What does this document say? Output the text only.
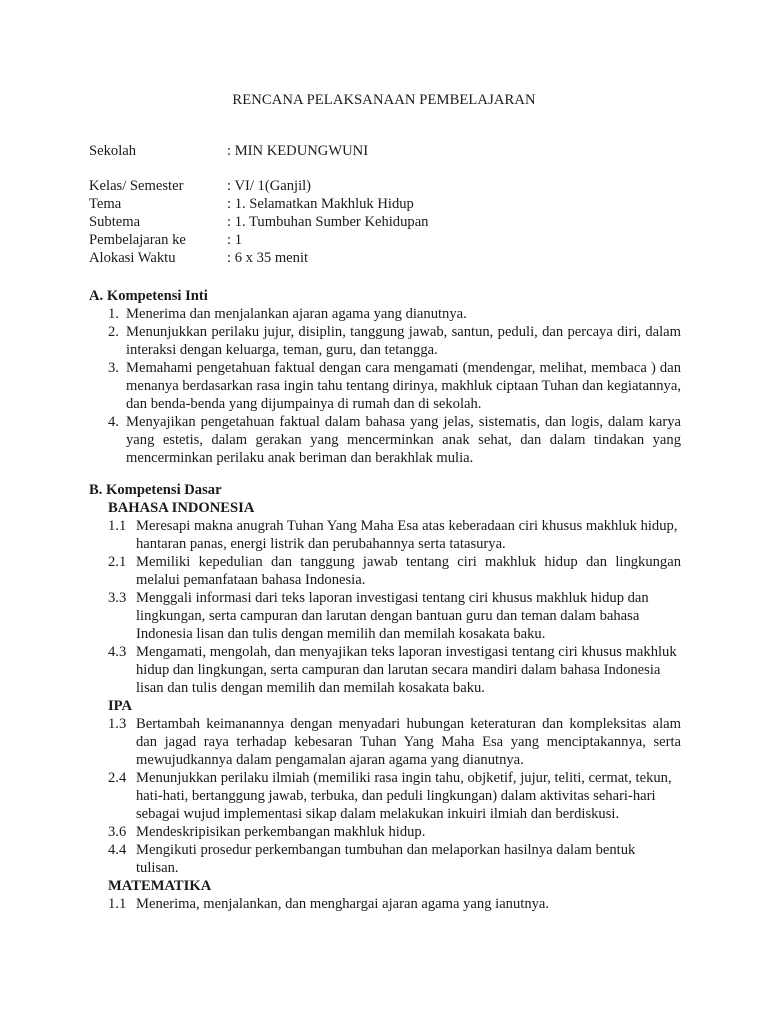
RENCANA PELAKSANAAN PEMBELAJARAN
Sekolah	: MIN KEDUNGWUNI
Kelas/ Semester	: VI/ 1(Ganjil)
Tema	: 1. Selamatkan Makhluk Hidup
Subtema	: 1. Tumbuhan Sumber Kehidupan
Pembelajaran ke	: 1
Alokasi Waktu	: 6 x 35 menit
A. Kompetensi Inti
1. Menerima dan menjalankan ajaran agama yang dianutnya.
2. Menunjukkan perilaku jujur, disiplin, tanggung jawab, santun, peduli, dan percaya diri, dalam interaksi dengan keluarga, teman, guru, dan tetangga.
3. Memahami pengetahuan faktual dengan cara mengamati (mendengar, melihat, membaca ) dan menanya berdasarkan rasa ingin tahu tentang dirinya, makhluk ciptaan Tuhan dan kegiatannya, dan benda-benda yang dijumpainya di rumah dan di sekolah.
4. Menyajikan pengetahuan faktual dalam bahasa yang jelas, sistematis, dan logis, dalam karya yang estetis, dalam gerakan yang mencerminkan anak sehat, dan dalam tindakan yang mencerminkan perilaku anak beriman dan berakhlak mulia.
B. Kompetensi Dasar
BAHASA INDONESIA
1.1 Meresapi makna anugrah Tuhan Yang Maha Esa atas keberadaan ciri khusus makhluk hidup, hantaran panas, energi listrik dan perubahannya serta tatasurya.
2.1 Memiliki kepedulian dan tanggung jawab tentang ciri makhluk hidup dan lingkungan melalui pemanfataan bahasa Indonesia.
3.3 Menggali informasi dari teks laporan investigasi tentang ciri khusus makhluk hidup dan lingkungan, serta campuran dan larutan dengan bantuan guru dan teman dalam bahasa Indonesia lisan dan tulis dengan memilih dan memilah kosakata baku.
4.3 Mengamati, mengolah, dan menyajikan teks laporan investigasi tentang ciri khusus makhluk hidup dan lingkungan, serta campuran dan larutan secara mandiri dalam bahasa Indonesia lisan dan tulis dengan memilih dan memilah kosakata baku.
IPA
1.3 Bertambah keimanannya dengan menyadari hubungan keteraturan dan kompleksitas alam dan jagad raya terhadap kebesaran Tuhan Yang Maha Esa yang menciptakannya, serta mewujudkannya dalam pengamalan ajaran agama yang dianutnya.
2.4 Menunjukkan perilaku ilmiah (memiliki rasa ingin tahu, objketif, jujur, teliti, cermat, tekun, hati-hati, bertanggung jawab, terbuka, dan peduli lingkungan) dalam aktivitas sehari-hari sebagai wujud implementasi sikap dalam melakukan inkuiri ilmiah dan berdiskusi.
3.6 Mendeskripisikan perkembangan makhluk hidup.
4.4 Mengikuti prosedur perkembangan tumbuhan dan melaporkan hasilnya dalam bentuk tulisan.
MATEMATIKA
1.1 Menerima, menjalankan, dan menghargai ajaran agama yang ianutnya.
